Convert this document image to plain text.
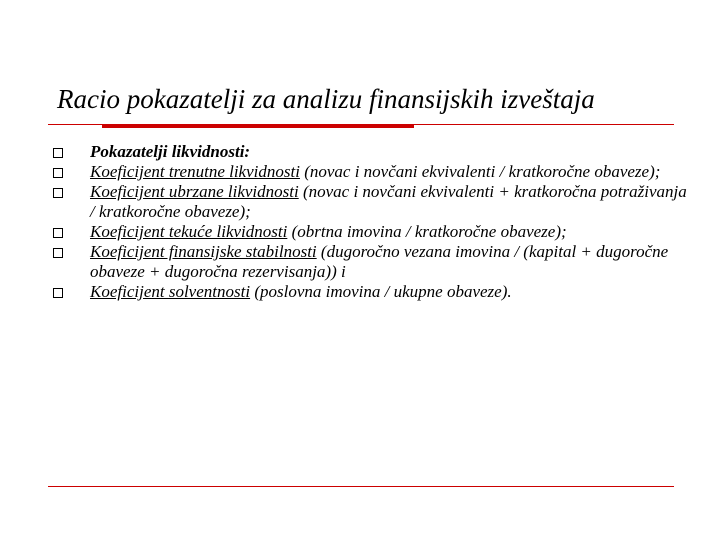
Racio pokazatelji za analizu finansijskih izveštaja
Pokazatelji likvidnosti:
Koeficijent trenutne likvidnosti (novac i novčani ekvivalenti / kratkoročne obaveze);
Koeficijent ubrzane likvidnosti (novac i novčani ekvivalenti + kratkoročna potraživanja / kratkoročne obaveze);
Koeficijent tekuće likvidnosti (obrtna imovina / kratkoročne obaveze);
Koeficijent finansijske stabilnosti (dugoročno vezana imovina / (kapital + dugoročne obaveze + dugoročna rezervisanja)) i
Koeficijent solventnosti (poslovna imovina / ukupne obaveze).
